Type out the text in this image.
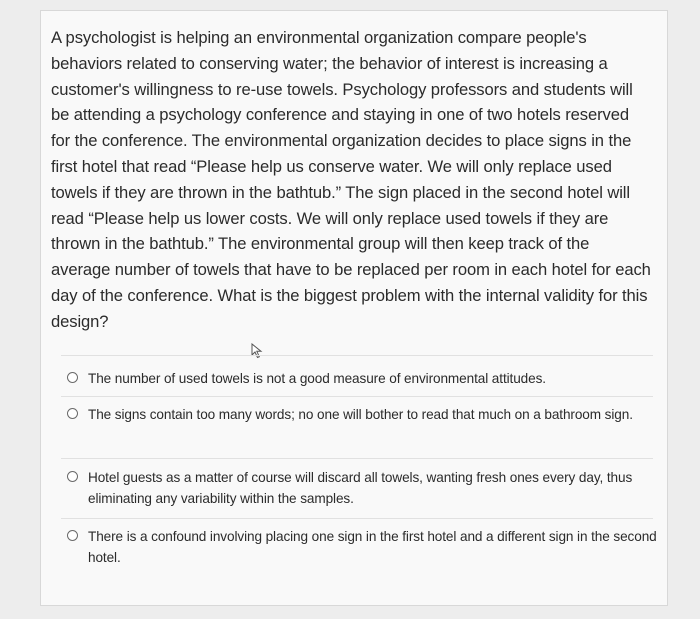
A psychologist is helping an environmental organization compare people's behaviors related to conserving water; the behavior of interest is increasing a customer's willingness to re-use towels. Psychology professors and students will be attending a psychology conference and staying in one of two hotels reserved for the conference. The environmental organization decides to place signs in the first hotel that read “Please help us conserve water. We will only replace used towels if they are thrown in the bathtub.” The sign placed in the second hotel will read “Please help us lower costs. We will only replace used towels if they are thrown in the bathtub.” The environmental group will then keep track of the average number of towels that have to be replaced per room in each hotel for each day of the conference. What is the biggest problem with the internal validity for this design?
The number of used towels is not a good measure of environmental attitudes.
The signs contain too many words; no one will bother to read that much on a bathroom sign.
Hotel guests as a matter of course will discard all towels, wanting fresh ones every day, thus eliminating any variability within the samples.
There is a confound involving placing one sign in the first hotel and a different sign in the second hotel.
